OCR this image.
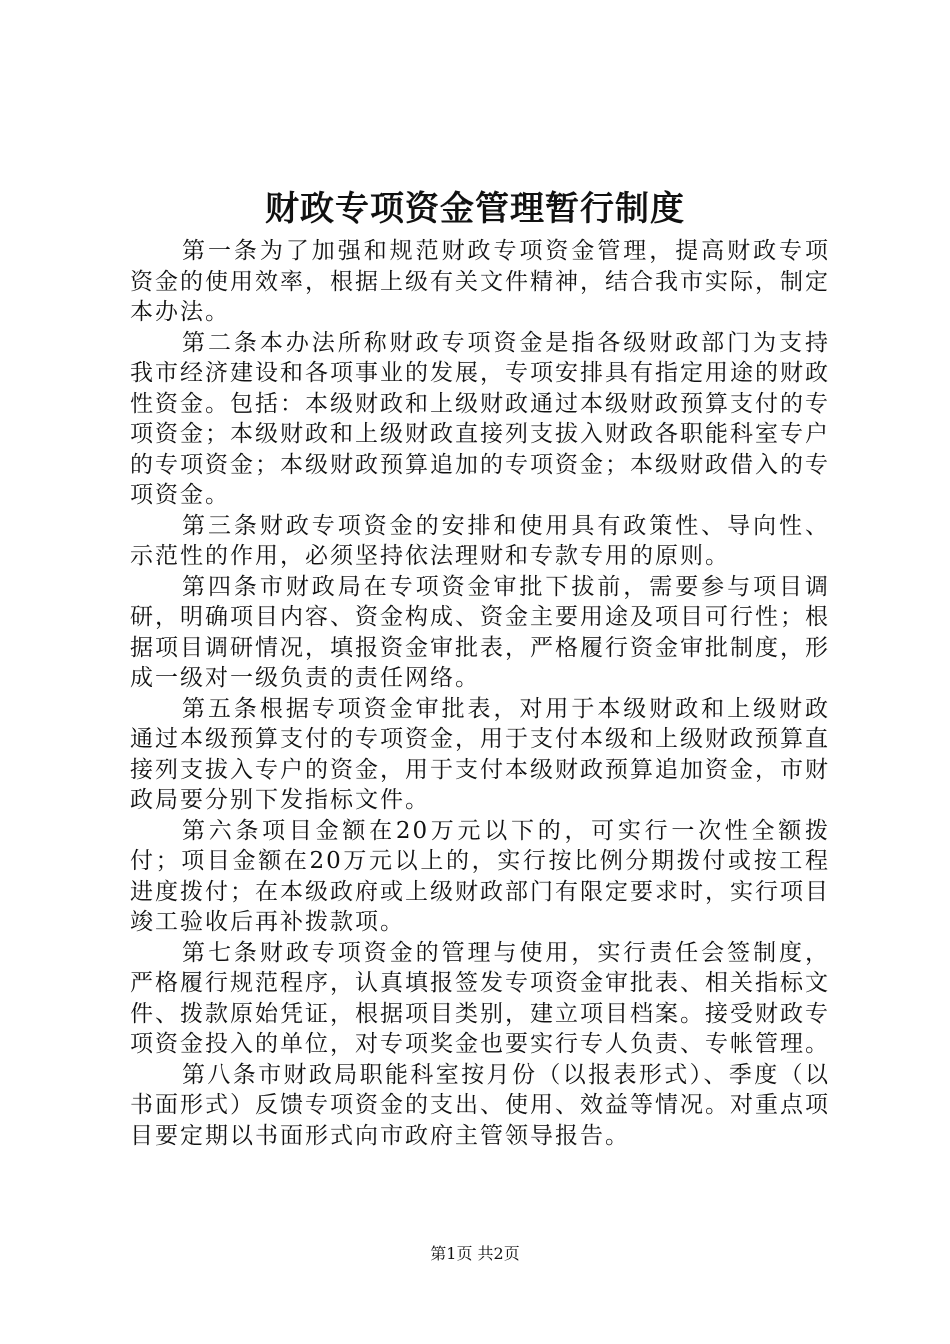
财政专项资金管理暂行制度

第一条为了加强和规范财政专项资金管理，提高财政专项资金的使用效率，根据上级有关文件精神，结合我市实际，制定本办法。

第二条本办法所称财政专项资金是指各级财政部门为支持我市经济建设和各项事业的发展，专项安排具有指定用途的财政性资金。包括：本级财政和上级财政通过本级财政预算支付的专项资金；本级财政和上级财政直接列支拔入财政各职能科室专户的专项资金；本级财政预算追加的专项资金；本级财政借入的专项资金。

第三条财政专项资金的安排和使用具有政策性、导向性、示范性的作用，必须坚持依法理财和专款专用的原则。

第四条市财政局在专项资金审批下拔前，需要参与项目调研，明确项目内容、资金构成、资金主要用途及项目可行性；根据项目调研情况，填报资金审批表，严格履行资金审批制度，形成一级对一级负责的责任网络。

第五条根据专项资金审批表，对用于本级财政和上级财政通过本级预算支付的专项资金，用于支付本级和上级财政预算直接列支拔入专户的资金，用于支付本级财政预算追加资金，市财政局要分别下发指标文件。

第六条项目金额在20万元以下的，可实行一次性全额拨付；项目金额在20万元以上的，实行按比例分期拨付或按工程进度拨付；在本级政府或上级财政部门有限定要求时，实行项目竣工验收后再补拨款项。

第七条财政专项资金的管理与使用，实行责任会签制度，严格履行规范程序，认真填报签发专项资金审批表、相关指标文件、拨款原始凭证，根据项目类别，建立项目档案。接受财政专项资金投入的单位，对专项奖金也要实行专人负责、专帐管理。

第八条市财政局职能科室按月份（以报表形式）、季度（以书面形式）反馈专项资金的支出、使用、效益等情况。对重点项目要定期以书面形式向市政府主管领导报告。

第1页 共2页
